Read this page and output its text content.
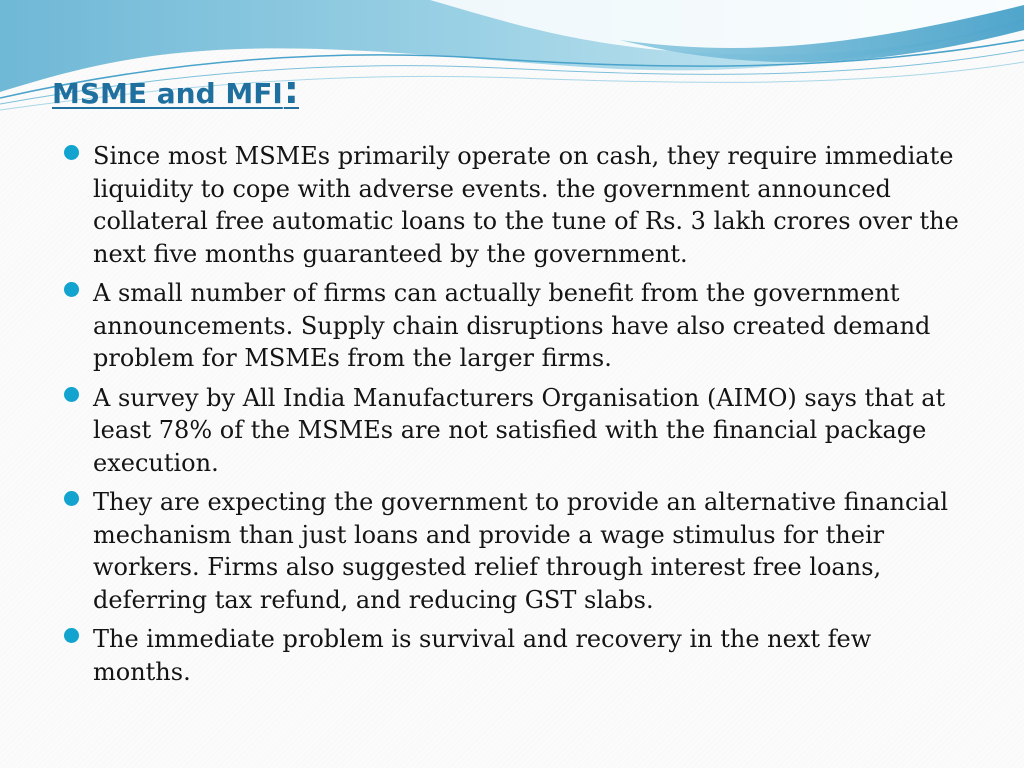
MSME and MFI:
Since most MSMEs primarily operate on cash, they require immediate liquidity to cope with adverse events. the government announced collateral free automatic loans to the tune of Rs. 3 lakh crores over the next five months guaranteed by the government.
A small number of firms can actually benefit from the government announcements. Supply chain disruptions have also created demand problem for MSMEs from the larger firms.
A survey by All India Manufacturers Organisation (AIMO) says that at least 78% of the MSMEs are not satisfied with the financial package execution.
They are expecting the government to provide an alternative financial mechanism than just loans and provide a wage stimulus for their workers. Firms also suggested relief through interest free loans, deferring tax refund, and reducing GST slabs.
The immediate problem is survival and recovery in the next few months.
